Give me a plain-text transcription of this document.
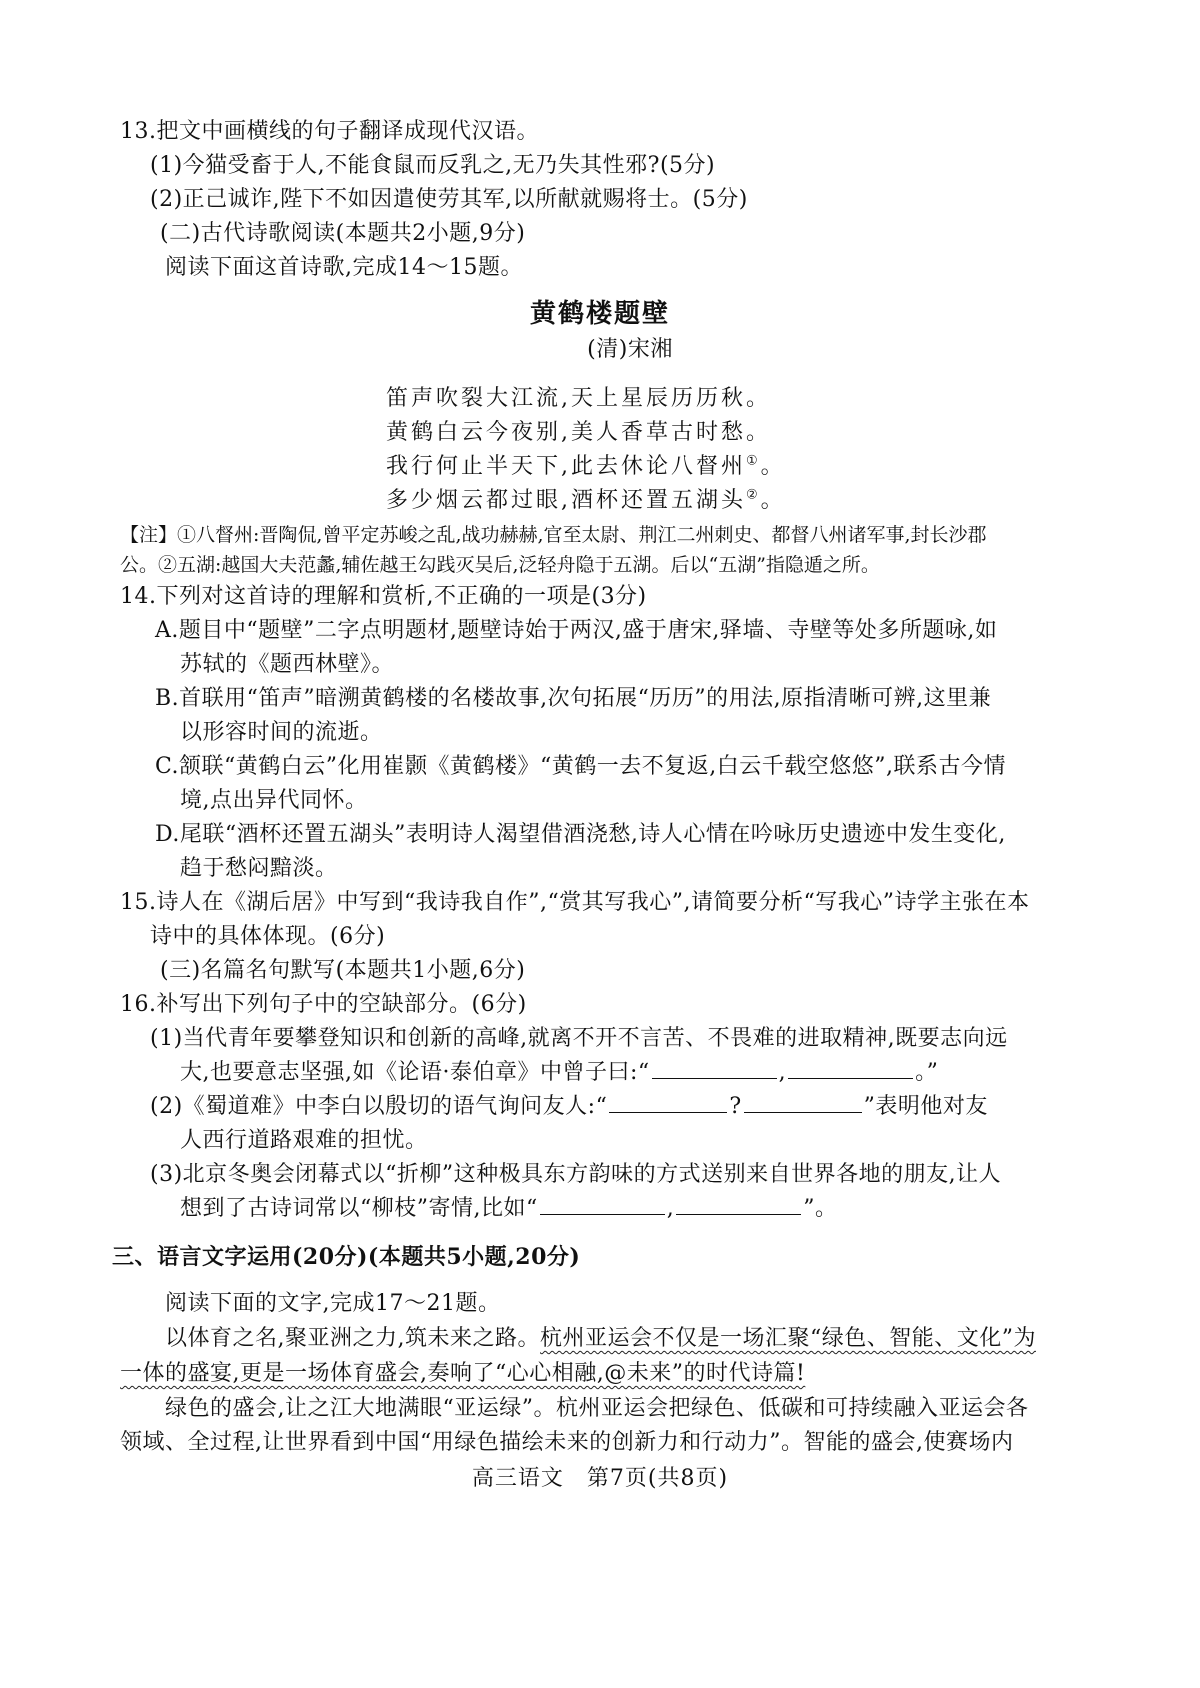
13.把文中画横线的句子翻译成现代汉语。
(1)今猫受畜于人,不能食鼠而反乳之,无乃失其性邪?(5分)
(2)正己诚诈,陛下不如因遣使劳其军,以所献就赐将士。(5分)
(二)古代诗歌阅读(本题共2小题,9分)
阅读下面这首诗歌,完成14～15题。
黄鹤楼题壁
(清)宋湘
笛声吹裂大江流,天上星辰历历秋。
黄鹤白云今夜别,美人香草古时愁。
我行何止半天下,此去休论八督州①。
多少烟云都过眼,酒杯还置五湖头②。
【注】①八督州:晋陶侃,曾平定苏峻之乱,战功赫赫,官至太尉、荆江二州刺史、都督八州诸军事,封长沙郡
公。②五湖:越国大夫范蠡,辅佐越王勾践灭吴后,泛轻舟隐于五湖。后以“五湖”指隐遁之所。
14.下列对这首诗的理解和赏析,不正确的一项是(3分)
A.题目中“题壁”二字点明题材,题壁诗始于两汉,盛于唐宋,驿墙、寺壁等处多所题咏,如
苏轼的《题西林壁》。
B.首联用“笛声”暗溯黄鹤楼的名楼故事,次句拓展“历历”的用法,原指清晰可辨,这里兼
以形容时间的流逝。
C.颔联“黄鹤白云”化用崔颢《黄鹤楼》“黄鹤一去不复返,白云千载空悠悠”,联系古今情
境,点出异代同怀。
D.尾联“酒杯还置五湖头”表明诗人渴望借酒浇愁,诗人心情在吟咏历史遗迹中发生变化,
趋于愁闷黯淡。
15.诗人在《湖后居》中写到“我诗我自作”,“赏其写我心”,请简要分析“写我心”诗学主张在本
诗中的具体体现。(6分)
(三)名篇名句默写(本题共1小题,6分)
16.补写出下列句子中的空缺部分。(6分)
(1)当代青年要攀登知识和创新的高峰,就离不开不言苦、不畏难的进取精神,既要志向远
大,也要意志坚强,如《论语·泰伯章》中曾子曰:“	,	。”
(2)《蜀道难》中李白以殷切的语气询问友人:“	?	”表明他对友
人西行道路艰难的担忧。
(3)北京冬奥会闭幕式以“折柳”这种极具东方韵味的方式送别来自世界各地的朋友,让人
想到了古诗词常以“柳枝”寄情,比如“	,	”。
三、语言文字运用(20分)(本题共5小题,20分)
阅读下面的文字,完成17～21题。
以体育之名,聚亚洲之力,筑未来之路。杭州亚运会不仅是一场汇聚“绿色、智能、文化”为
一体的盛宴,更是一场体育盛会,奏响了“心心相融,@未来”的时代诗篇!
绿色的盛会,让之江大地满眼“亚运绿”。杭州亚运会把绿色、低碳和可持续融入亚运会各
领域、全过程,让世界看到中国“用绿色描绘未来的创新力和行动力”。智能的盛会,使赛场内
高三语文　第7页(共8页)
